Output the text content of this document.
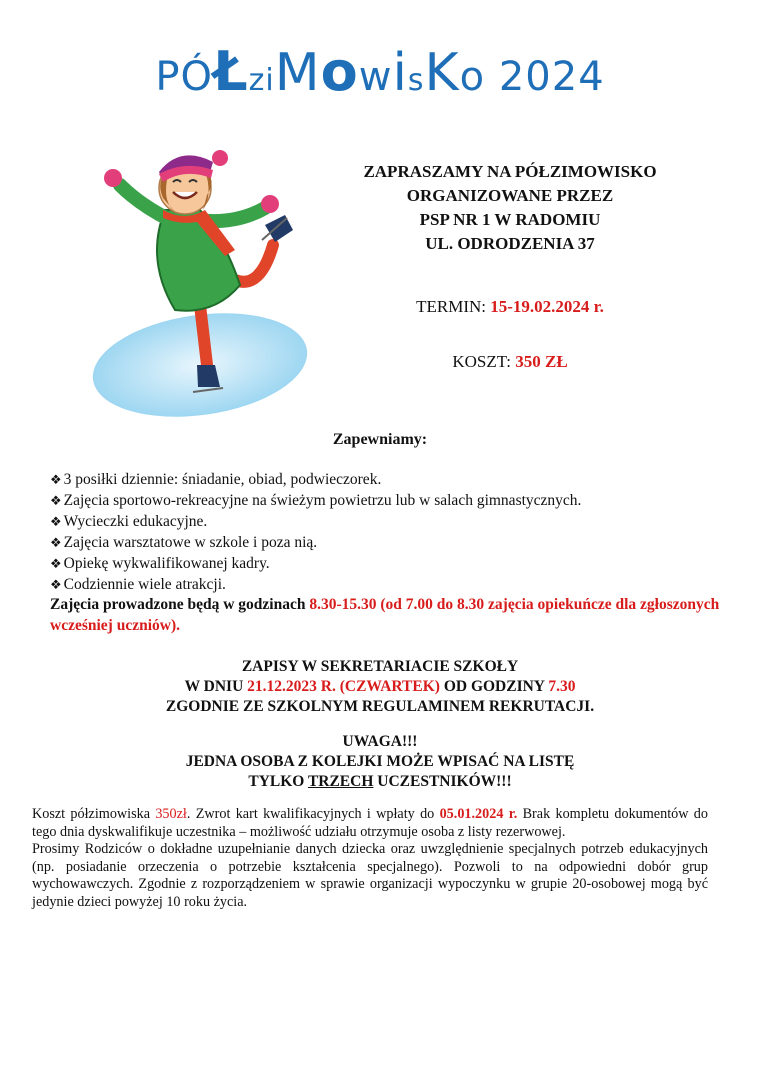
PÓŁziMowisKo 2024
ZAPRASZAMY NA PÓŁZIMOWISKO
ORGANIZOWANE PRZEZ
PSP NR 1 W RADOMIU
UL. ODRODZENIA 37
TERMIN: 15-19.02.2024 r.
KOSZT: 350 ZŁ
Zapewniamy:
❖ 3 posiłki dziennie: śniadanie, obiad, podwieczorek.
❖ Zajęcia sportowo-rekreacyjne na świeżym powietrzu lub w salach gimnastycznych.
❖ Wycieczki edukacyjne.
❖ Zajęcia warsztatowe w szkole i poza nią.
❖ Opiekę wykwalifikowanej kadry.
❖ Codziennie wiele atrakcji.
Zajęcia prowadzone będą w godzinach 8.30-15.30 (od 7.00 do 8.30 zajęcia opiekuńcze dla zgłoszonych wcześniej uczniów).
ZAPISY W SEKRETARIACIE SZKOŁY
W DNIU 21.12.2023 R. (CZWARTEK) OD GODZINY 7.30
ZGODNIE ZE SZKOLNYM REGULAMINEM REKRUTACJI.
UWAGA!!!
JEDNA OSOBA Z KOLEJKI MOŻE WPISAĆ NA LISTĘ
TYLKO TRZECH UCZESTNIKÓW!!!

Koszt półzimowiska 350zł. Zwrot kart kwalifikacyjnych i wpłaty do 05.01.2024 r. Brak kompletu dokumentów do tego dnia dyskwalifikuje uczestnika – możliwość udziału otrzymuje osoba z listy rezerwowej.

Prosimy Rodziców o dokładne uzupełnianie danych dziecka oraz uwzględnienie specjalnych potrzeb edukacyjnych (np. posiadanie orzeczenia o potrzebie kształcenia specjalnego). Pozwoli to na odpowiedni dobór grup wychowawczych. Zgodnie z rozporządzeniem w sprawie organizacji wypoczynku w grupie 20-osobowej mogą być jedynie dzieci powyżej 10 roku życia.
